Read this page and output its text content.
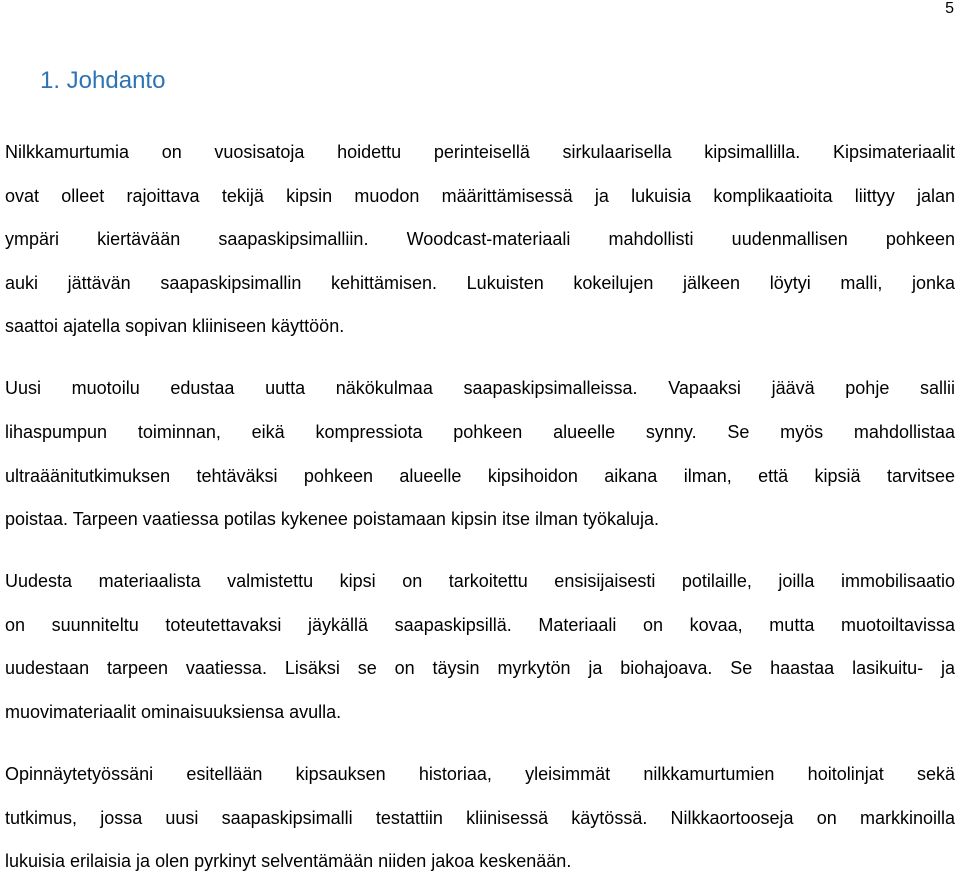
5
1. Johdanto
Nilkkamurtumia on vuosisatoja hoidettu perinteisellä sirkulaarisella kipsimallilla. Kipsimateriaalit
ovat olleet rajoittava tekijä kipsin muodon määrittämisessä ja lukuisia komplikaatioita liittyy jalan
ympäri kiertävään saapaskipsimalliin. Woodcast-materiaali mahdollisti uudenmallisen pohkeen
auki jättävän saapaskipsimallin kehittämisen. Lukuisten kokeilujen jälkeen löytyi malli, jonka
saattoi ajatella sopivan kliiniseen käyttöön.
Uusi muotoilu edustaa uutta näkökulmaa saapaskipsimalleissa. Vapaaksi jäävä pohje sallii
lihaspumpun toiminnan, eikä kompressiota pohkeen alueelle synny. Se myös mahdollistaa
ultraäänitutkimuksen tehtäväksi pohkeen alueelle kipsihoidon aikana ilman, että kipsiä tarvitsee
poistaa. Tarpeen vaatiessa potilas kykenee poistamaan kipsin itse ilman työkaluja.
Uudesta materiaalista valmistettu kipsi on tarkoitettu ensisijaisesti potilaille, joilla immobilisaatio
on suunniteltu toteutettavaksi jäykällä saapaskipsillä. Materiaali on kovaa, mutta muotoiltavissa
uudestaan tarpeen vaatiessa. Lisäksi se on täysin myrkytön ja biohajoava. Se haastaa lasikuitu- ja
muovimateriaalit ominaisuuksiensa avulla.
Opinnäytetyössäni esitellään kipsauksen historiaa, yleisimmät nilkkamurtumien hoitolinjat sekä
tutkimus, jossa uusi saapaskipsimalli testattiin kliinisessä käytössä. Nilkkaortooseja on markkinoilla
lukuisia erilaisia ja olen pyrkinyt selventämään niiden jakoa keskenään.
